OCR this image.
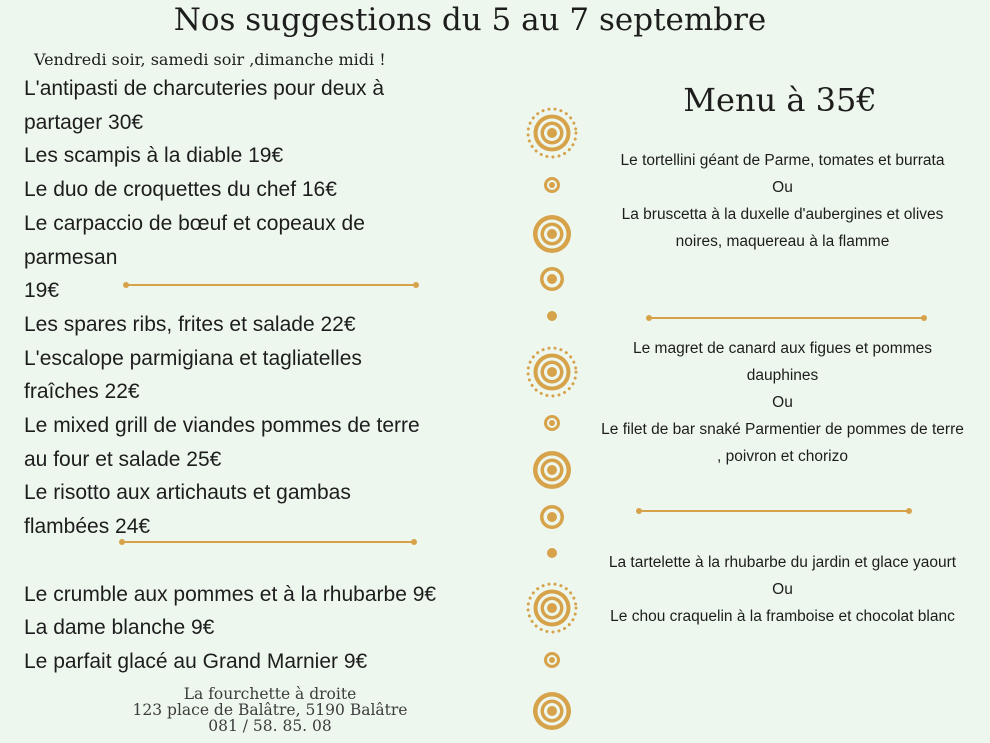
Nos suggestions du 5 au 7 septembre
Vendredi soir, samedi soir ,dimanche midi !
L'antipasti de charcuteries pour deux à
partager 30€
Les scampis à la diable 19€
Le duo de croquettes du chef 16€
Le carpaccio de bœuf et copeaux de
parmesan
19€
Les spares ribs, frites et salade 22€
L'escalope parmigiana et tagliatelles
fraîches 22€
Le mixed grill de viandes pommes de terre
au four et salade 25€
Le risotto aux artichauts et gambas
flambées 24€
Le crumble aux pommes et à la rhubarbe 9€
La dame blanche 9€
Le parfait glacé au Grand Marnier 9€
La fourchette à droite
123 place de Balâtre, 5190 Balâtre
081 / 58. 85. 08
Menu à 35€
Le tortellini géant de Parme, tomates et burrata
Ou
La bruscetta à la duxelle d'aubergines et olives noires, maquereau à la flamme
Le magret de canard aux figues et pommes dauphines
Ou
Le filet de bar snaké Parmentier de pommes de terre , poivron et chorizo
La tartelette à la rhubarbe du jardin et glace yaourt
Ou
Le chou craquelin à la framboise et chocolat blanc
